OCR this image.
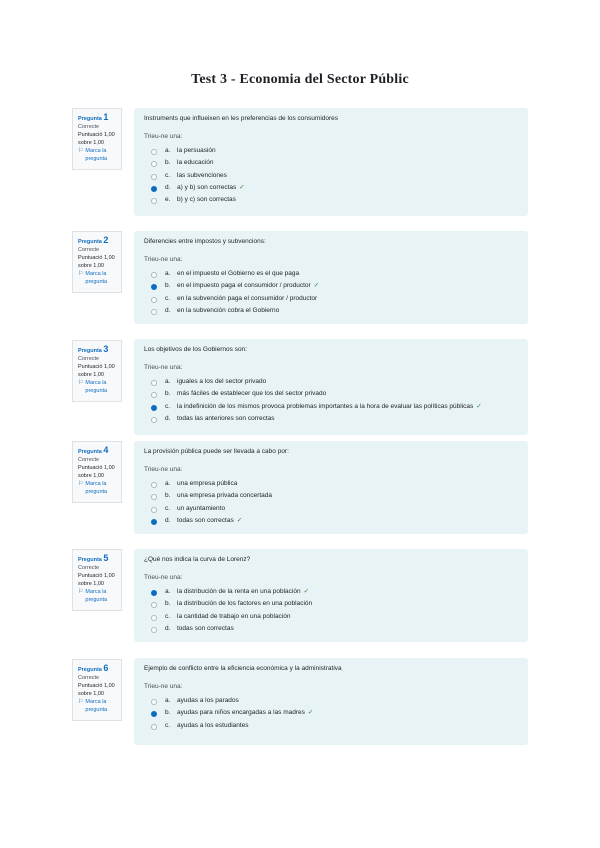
Test 3 - Economia del Sector Públic
Pregunta 1
Correcte
Puntuació 1,00 sobre 1,00
⚐ Marca la pregunta
Instruments que influeixen en les preferencias de los consumidores
Trieu-ne una:
a. la persuasión
b. la educación
c. las subvenciones
d. a) y b) son correctas ✓
e. b) y c) son correctas
Pregunta 2
Correcte
Puntuació 1,00 sobre 1,00
⚐ Marca la pregunta
Diferencies entre impostos y subvencions:
Trieu-ne una:
a. en el impuesto el Gobierno es el que paga
b. en el impuesto paga el consumidor / productor ✓
c. en la subvención paga el consumidor / productor
d. en la subvención cobra el Gobierno
Pregunta 3
Correcte
Puntuació 1,00 sobre 1,00
⚐ Marca la pregunta
Los objetivos de los Gobiernos son:
Trieu-ne una:
a. iguales a los del sector privado
b. más fáciles de establecer que los del sector privado
c. la indefinición de los mismos provoca problemas importantes a la hora de evaluar las políticas públicas ✓
d. todas las anteriores son correctas
Pregunta 4
Correcte
Puntuació 1,00 sobre 1,00
⚐ Marca la pregunta
La provisión pública puede ser llevada a cabo por:
Trieu-ne una:
a. una empresa pública
b. una empresa privada concertada
c. un ayuntamiento
d. todas son correctas ✓
Pregunta 5
Correcte
Puntuació 1,00 sobre 1,00
⚐ Marca la pregunta
¿Qué nos indica la curva de Lorenz?
Trieu-ne una:
a. la distribución de la renta en una población ✓
b. la distribución de los factores en una población
c. la cantidad de trabajo en una población
d. todas son correctas
Pregunta 6
Correcte
Puntuació 1,00 sobre 1,00
⚐ Marca la pregunta
Ejemplo de conflicto entre la eficiencia económica y la administrativa
Trieu-ne una:
a. ayudas a los parados
b. ayudas para niños encargadas a las madres ✓
c. ayudas a los estudiantes
